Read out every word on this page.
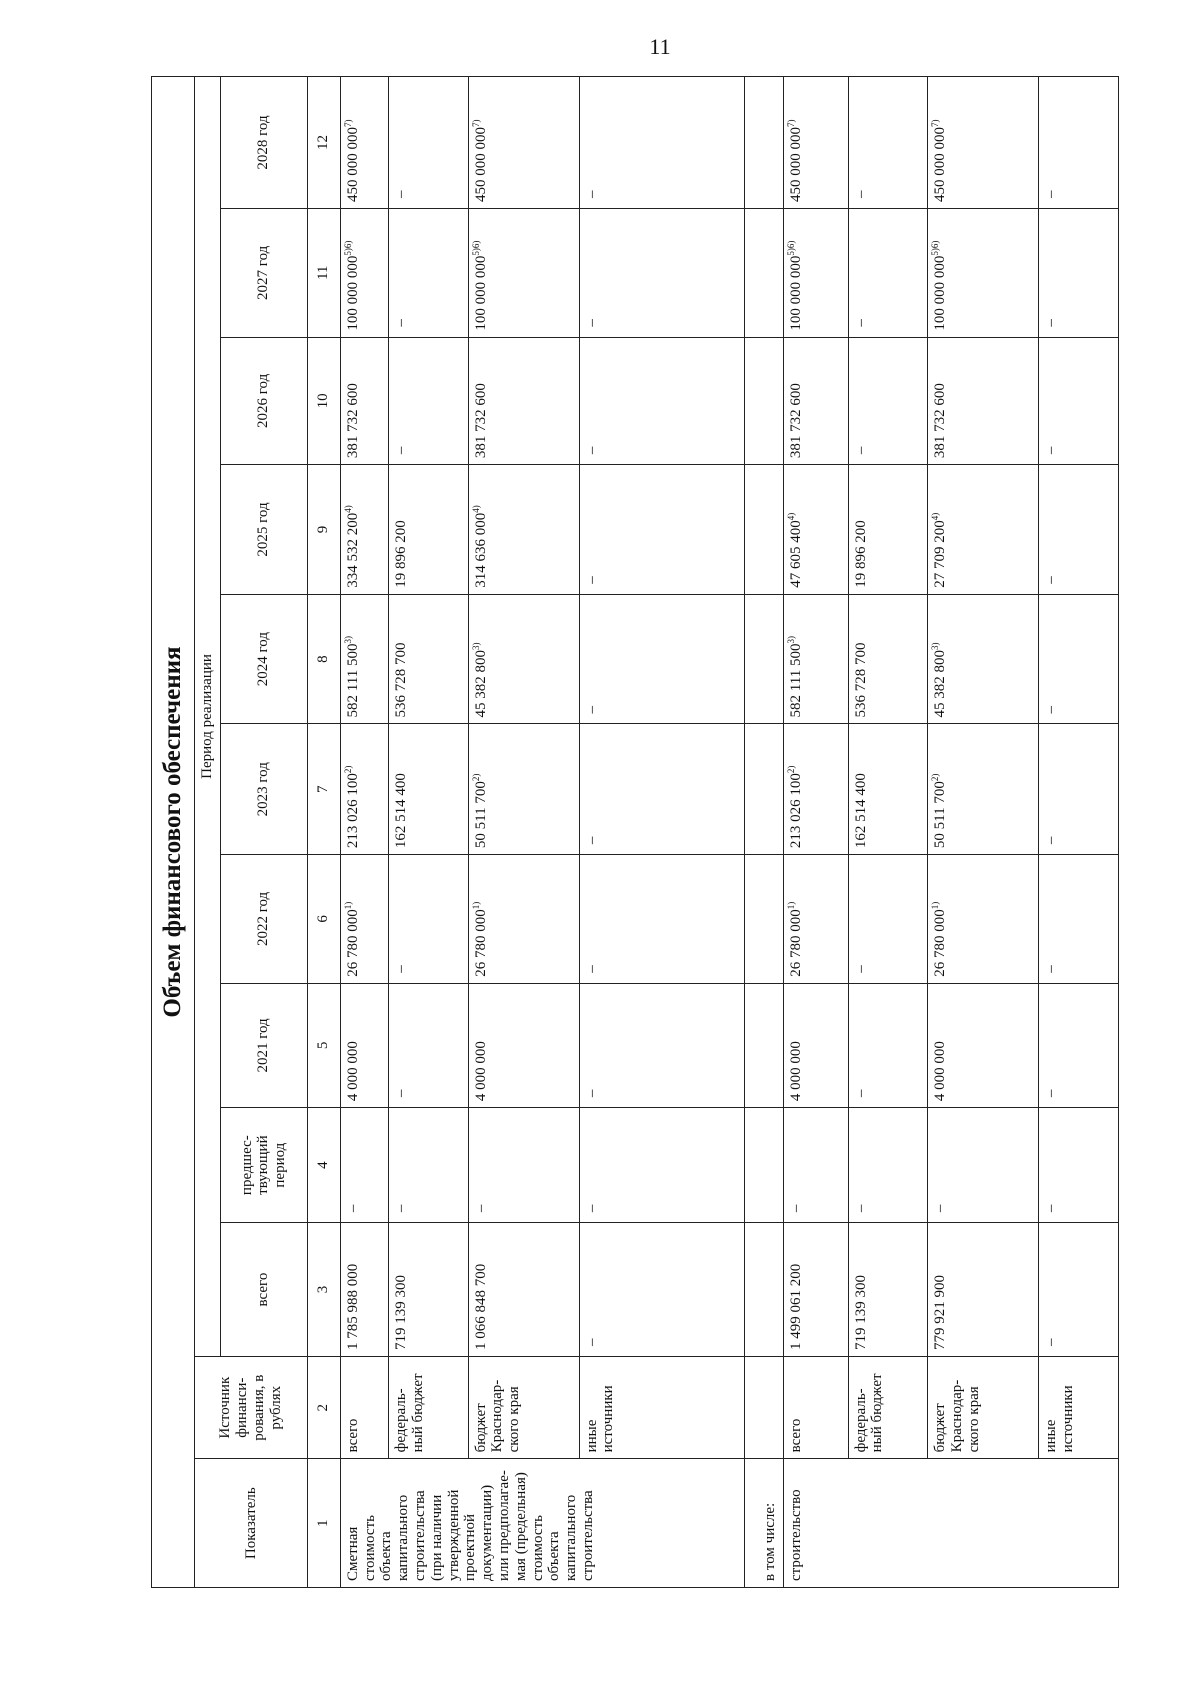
11
Объем финансового обеспечения											
Показатель	Источник финанси-рования, в рублях	Период реализации									
		всего	предшес-твующий период	2021 год	2022 год	2023 год	2024 год	2025 год	2026 год	2027 год	2028 год
1	2	3	4	5	6	7	8	9	10	11	12
Сметная стоимость объекта капитального строительства (при наличии утвержденной проектной документации) или предполагае-мая (предельная) стоимость объекта капитального строительства	всего	1 785 988 000	–	4 000 000	26 780 000$^{1)}$	213 026 100$^{2)}$	582 111 500$^{3)}$	334 532 200$^{4)}$	381 732 600	100 000 $000^{5)6)}$	450 000 000$^{7)}$
	федераль-ный бюджет	719 139 300	–	–	–	162 514 400	536 728 700	19 896 200	–	–	–
	бюджет Краснодар-ского края	1 066 848 700	–	4 000 000	26 780 000$^{1)}$	50 511 700$^{2)}$	45 382 800$^{3)}$	314 636 000$^{4)}$	381 732 600	100 000 $000^{5)6)}$	450 000 000$^{7)}$
	иные источники	–	–	–	–	–	–	–	–	–	–
в том числе:											
строительство	всего	1 499 061 200	–	4 000 000	26 780 000$^{1)}$	213 026 100$^{2)}$	582 111 500$^{3)}$	47 605 400$^{4)}$	381 732 600	100 000 $000^{5)6)}$	450 000 000$^{7)}$
	федераль-ный бюджет	719 139 300	–	–	–	162 514 400	536 728 700	19 896 200	–	–	–
	бюджет Краснодар-ского края	779 921 900	–	4 000 000	26 780 000$^{1)}$	50 511 700$^{2)}$	45 382 800$^{3)}$	27 709 200$^{4)}$	381 732 600	100 000 $000^{5)6)}$	450 000 000$^{7)}$
	иные источники	–	–	–	–	–	–	–	–	–	–
